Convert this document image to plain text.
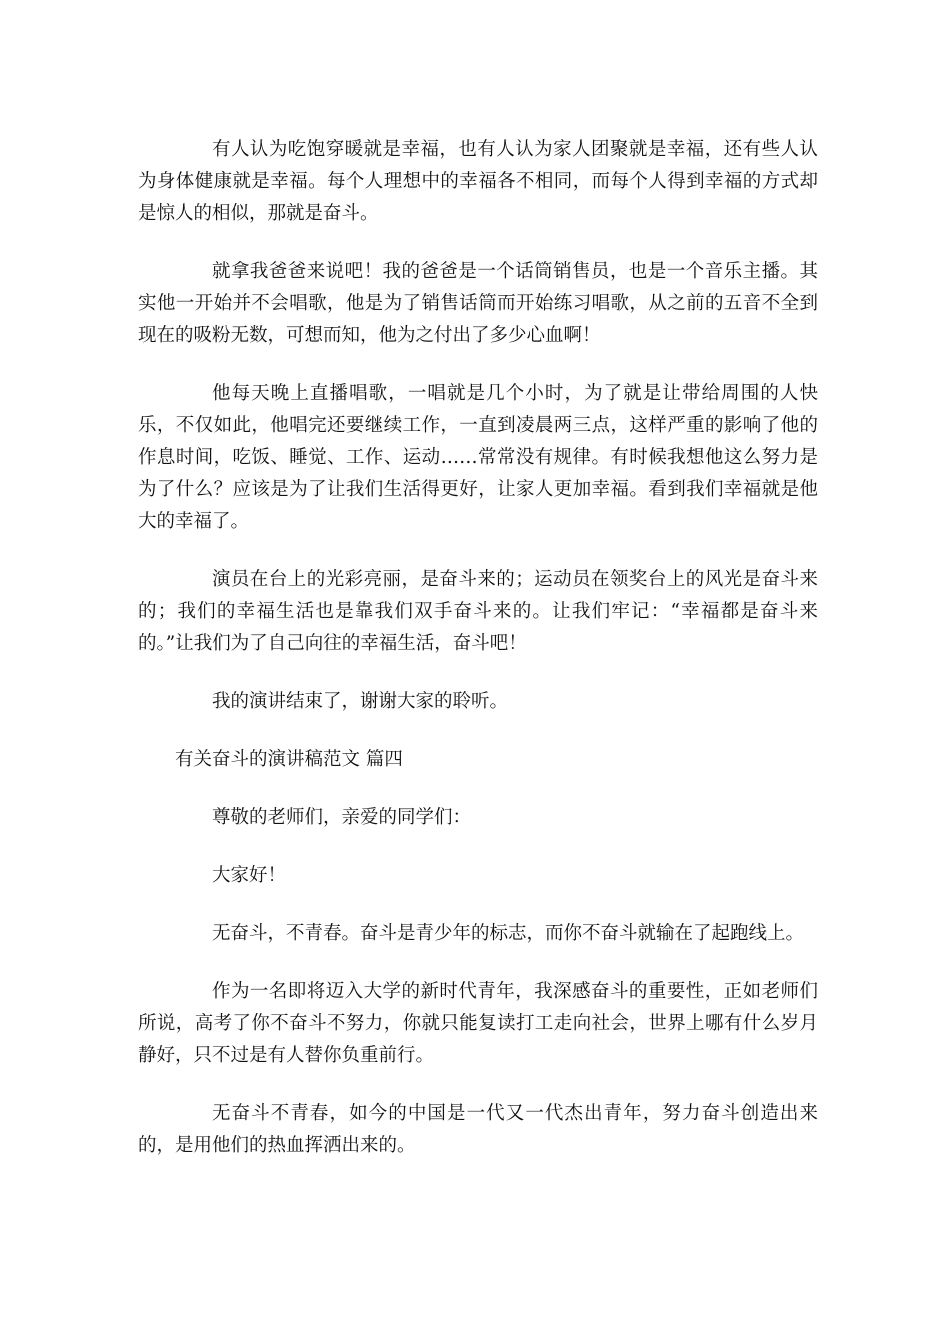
有人认为吃饱穿暖就是幸福，也有人认为家人团聚就是幸福，还有些人认为身体健康就是幸福。每个人理想中的幸福各不相同，而每个人得到幸福的方式却是惊人的相似，那就是奋斗。

就拿我爸爸来说吧！我的爸爸是一个话筒销售员，也是一个音乐主播。其实他一开始并不会唱歌，他是为了销售话筒而开始练习唱歌，从之前的五音不全到现在的吸粉无数，可想而知，他为之付出了多少心血啊！

他每天晚上直播唱歌，一唱就是几个小时，为了就是让带给周围的人快乐，不仅如此，他唱完还要继续工作，一直到凌晨两三点，这样严重的影响了他的作息时间，吃饭、睡觉、工作、运动……常常没有规律。有时候我想他这么努力是为了什么？应该是为了让我们生活得更好，让家人更加幸福。看到我们幸福就是他大的幸福了。

演员在台上的光彩亮丽，是奋斗来的；运动员在领奖台上的风光是奋斗来的；我们的幸福生活也是靠我们双手奋斗来的。让我们牢记：“幸福都是奋斗来的。”让我们为了自己向往的幸福生活，奋斗吧！

我的演讲结束了，谢谢大家的聆听。

有关奋斗的演讲稿范文 篇四

尊敬的老师们，亲爱的同学们：

大家好！

无奋斗，不青春。奋斗是青少年的标志，而你不奋斗就输在了起跑线上。

作为一名即将迈入大学的新时代青年，我深感奋斗的重要性，正如老师们所说，高考了你不奋斗不努力，你就只能复读打工走向社会，世界上哪有什么岁月静好，只不过是有人替你负重前行。

无奋斗不青春，如今的中国是一代又一代杰出青年，努力奋斗创造出来的，是用他们的热血挥洒出来的。
